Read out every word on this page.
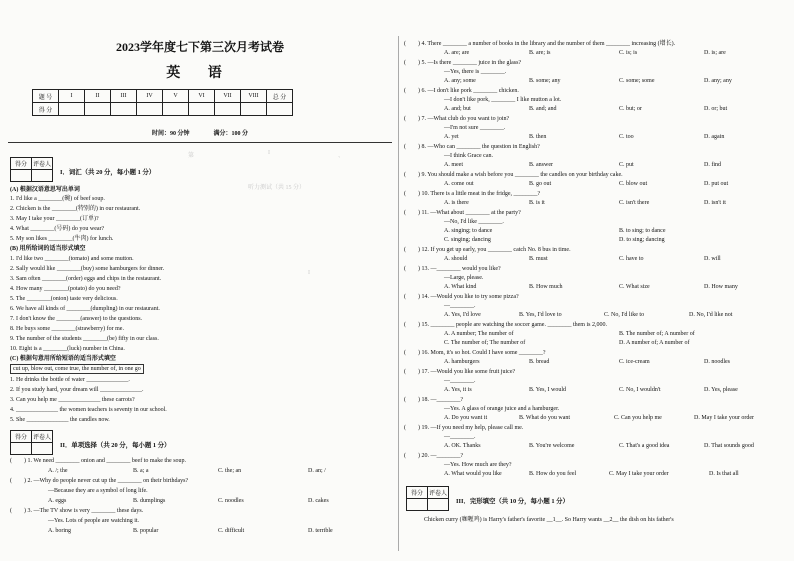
2023学年度七下第三次月考试卷
英 语
题 号	I	II	III	IV	V	VI	VII	VIII	总 分
得 分									
时间：90 分钟　　　　满分：100 分
第	I	、
听力测试（共 15 分）
I
得分	评卷人

I．词汇（共 20 分，每小题 1 分）
(A) 根据汉语意思写出单词
1. I'd like a ________(碗) of beef soup.
2. Chicken is the ________(特别的) in our restaurant.
3. May I take your ________(订单)?
4. What ________(号码) do you wear?
5. My son likes ________(牛肉) for lunch.
(B) 用所给词的适当形式填空
1. I'd like two ________(tomato) and some mutton.
2. Sally would like ________(buy) some hamburgers for dinner.
3. Sam often ________(order) eggs and chips in the restaurant.
4. How many ________(potato) do you need?
5. The ________(onion) taste very delicious.
6. We have all kinds of ________(dumpling) in our restaurant.
7. I don't know the ________(answer) to the questions.
8. He buys some ________(strawberry) for me.
9. The number of the students ________(be) fifty in our class.
10. Eight is a ________(luck) number in China.
(C) 根据句意用所给短语的适当形式填空
cut up, blow out, come true, the number of, in one go
1. He drinks the bottle of water ______________.
2. If you study hard, your dream will ______________.
3. Can you help me ______________ these carrots?
4. ______________ the women teachers is seventy in our school.
5. She ______________ the candles now.
得分	评卷人

II．单项选择（共 20 分，每小题 1 分）
(　　) 1. We need ________ onion and ________ beef to make the soup.
A. /; the	B. a; a	C. the; an	D. an; /
(　　) 2. —Why do people never cut up the ________ on their birthdays?
—Because they are a symbol of long life.
A. eggs	B. dumplings	C. noodles	D. cakes
(　　) 3. —The TV show is very ________ these days.
—Yes. Lots of people are watching it.
A. boring	B. popular	C. difficult	D. terrible
(　　) 4. There ________ a number of books in the library and the number of them ________ increasing (增长).
A. are; are	B. are; is	C. is; is	D. is; are
(　　) 5. —Is there ________ juice in the glass?
—Yes, there is ________.
A. any; some	B. some; any	C. some; some	D. any; any
(　　) 6. —I don't like pork ________ chicken.
—I don't like pork, ________ I like mutton a lot.
A. and; but	B. and; and	C. but; or	D. or; but
(　　) 7. —What club do you want to join?
—I'm not sure ________.
A. yet	B. then	C. too	D. again
(　　) 8. —Who can ________ the question in English?
—I think Grace can.
A. meet	B. answer	C. put	D. find
(　　) 9. You should make a wish before you ________ the candles on your birthday cake.
A. come out	B. go out	C. blow out	D. put out
(　　) 10. There is a little meat in the fridge, ________?
A. is there	B. is it	C. isn't there	D. isn't it
(　　) 11. —What about ________ at the party?
—No, I'd like ________.
A. singing; to dance	B. to sing; to dance
C. singing; dancing	D. to sing; dancing
(　　) 12. If you get up early, you ________ catch No. 8 bus in time.
A. should	B. must	C. have to	D. will
(　　) 13. —________ would you like?
—Large, please.
A. What kind	B. How much	C. What size	D. How many
(　　) 14. —Would you like to try some pizza?
—________.
A. Yes, I'd love	B. Yes, I'd love to	C. No, I'd like to	D. No, I'd like not
(　　) 15. ________ people are watching the soccer game. ________ them is 2,000.
A. A number; The number of	B. The number of; A number of
C. The number of; The number of	D. A number of; A number of
(　　) 16. Mom, it's so hot. Could I have some ________?
A. hamburgers	B. bread	C. ice-cream	D. noodles
(　　) 17. —Would you like some fruit juice?
—________.
A. Yes, it is	B. Yes, I would	C. No, I wouldn't	D. Yes, please
(　　) 18. —________?
—Yes. A glass of orange juice and a hamburger.
A. Do you want it	B. What do you want	C. Can you help me	D. May I take your order
(　　) 19. —If you need my help, please call me.
—________.
A. OK. Thanks	B. You're welcome	C. That's a good idea	D. That sounds good
(　　) 20. —________?
—Yes. How much are they?
A. What would you like	B. How do you feel	C. May I take your order	D. Is that all
得分	评卷人

III．完形填空（共 10 分，每小题 1 分）
Chicken curry (咖喱鸡) is Harry's father's favorite __1__. So Harry wants __2__ the dish on his father's
